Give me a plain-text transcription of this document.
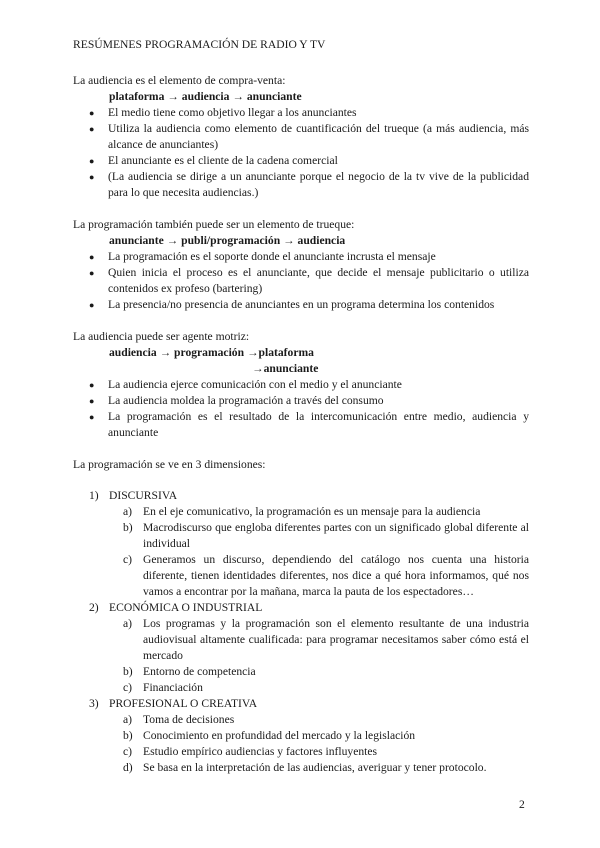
RESÚMENES PROGRAMACIÓN DE RADIO Y TV
La audiencia es el elemento de compra-venta:
plataforma → audiencia → anunciante
● El medio tiene como objetivo llegar a los anunciantes
● Utiliza la audiencia como elemento de cuantificación del trueque (a más audiencia, más alcance de anunciantes)
● El anunciante es el cliente de la cadena comercial
● (La audiencia se dirige a un anunciante porque el negocio de la tv vive de la publicidad para lo que necesita audiencias.)
La programación también puede ser un elemento de trueque:
anunciante → publi/programación → audiencia
● La programación es el soporte donde el anunciante incrusta el mensaje
● Quien inicia el proceso es el anunciante, que decide el mensaje publicitario o utiliza contenidos ex profeso (bartering)
● La presencia/no presencia de anunciantes en un programa determina los contenidos
La audiencia puede ser agente motriz:
audiencia → programación →plataforma
→anunciante
● La audiencia ejerce comunicación con el medio y el anunciante
● La audiencia moldea la programación a través del consumo
● La programación es el resultado de la intercomunicación entre medio, audiencia y anunciante
La programación se ve en 3 dimensiones:
1) DISCURSIVA
a) En el eje comunicativo, la programación es un mensaje para la audiencia
b) Macrodiscurso que engloba diferentes partes con un significado global diferente al individual
c) Generamos un discurso, dependiendo del catálogo nos cuenta una historia diferente, tienen identidades diferentes, nos dice a qué hora informamos, qué nos vamos a encontrar por la mañana, marca la pauta de los espectadores…
2) ECONÓMICA O INDUSTRIAL
a) Los programas y la programación son el elemento resultante de una industria audiovisual altamente cualificada: para programar necesitamos saber cómo está el mercado
b) Entorno de competencia
c) Financiación
3) PROFESIONAL O CREATIVA
a) Toma de decisiones
b) Conocimiento en profundidad del mercado y la legislación
c) Estudio empírico audiencias y factores influyentes
d) Se basa en la interpretación de las audiencias, averiguar y tener protocolo.
2
